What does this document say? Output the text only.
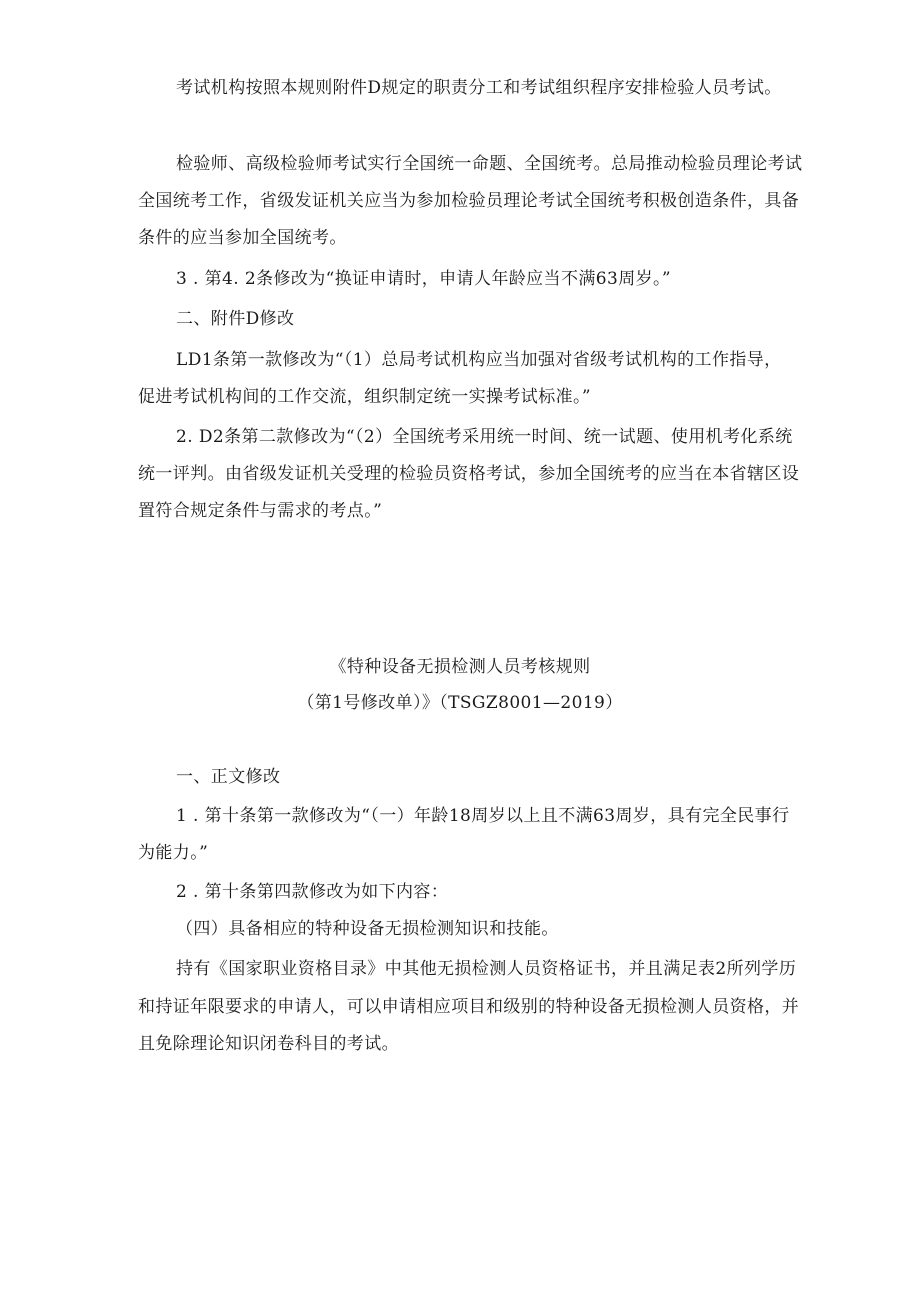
考试机构按照本规则附件D规定的职责分工和考试组织程序安排检验人员考试。
检验师、高级检验师考试实行全国统一命题、全国统考。总局推动检验员理论考试
全国统考工作，省级发证机关应当为参加检验员理论考试全国统考积极创造条件，具备
条件的应当参加全国统考。
3 . 第4. 2条修改为“换证申请时，申请人年龄应当不满63周岁。”
二、附件D修改
LD1条第一款修改为“（1）总局考试机构应当加强对省级考试机构的工作指导，
促进考试机构间的工作交流，组织制定统一实操考试标准。”
2. D2条第二款修改为“（2）全国统考采用统一时间、统一试题、使用机考化系统
统一评判。由省级发证机关受理的检验员资格考试，参加全国统考的应当在本省辖区设
置符合规定条件与需求的考点。”
《特种设备无损检测人员考核规则
（第1号修改单）》（TSGZ8001—2019）
一、正文修改
1 . 第十条第一款修改为“（一）年龄18周岁以上且不满63周岁，具有完全民事行
为能力。”
2 . 第十条第四款修改为如下内容：
（四）具备相应的特种设备无损检测知识和技能。
持有《国家职业资格目录》中其他无损检测人员资格证书，并且满足表2所列学历
和持证年限要求的申请人，可以申请相应项目和级别的特种设备无损检测人员资格，并
且免除理论知识闭卷科目的考试。
